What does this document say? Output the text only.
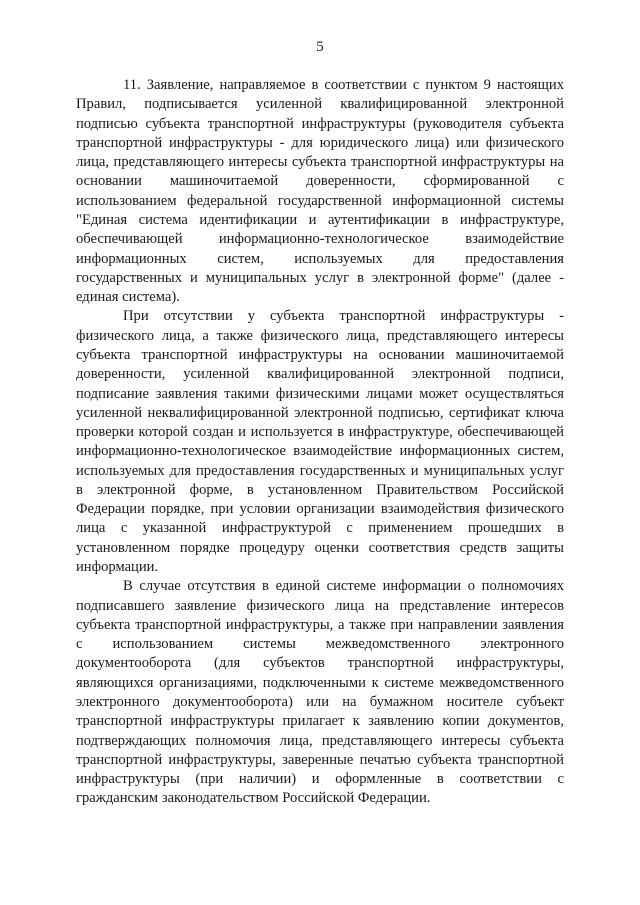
5

11. Заявление, направляемое в соответствии с пунктом 9 настоящих Правил, подписывается усиленной квалифицированной электронной подписью субъекта транспортной инфраструктуры (руководителя субъекта транспортной инфраструктуры - для юридического лица) или физического лица, представляющего интересы субъекта транспортной инфраструктуры на основании машиночитаемой доверенности, сформированной с использованием федеральной государственной информационной системы "Единая система идентификации и аутентификации в инфраструктуре, обеспечивающей информационно-технологическое взаимодействие информационных систем, используемых для предоставления государственных и муниципальных услуг в электронной форме" (далее - единая система).

При отсутствии у субъекта транспортной инфраструктуры - физического лица, а также физического лица, представляющего интересы субъекта транспортной инфраструктуры на основании машиночитаемой доверенности, усиленной квалифицированной электронной подписи, подписание заявления такими физическими лицами может осуществляться усиленной неквалифицированной электронной подписью, сертификат ключа проверки которой создан и используется в инфраструктуре, обеспечивающей информационно-технологическое взаимодействие информационных систем, используемых для предоставления государственных и муниципальных услуг в электронной форме, в установленном Правительством Российской Федерации порядке, при условии организации взаимодействия физического лица с указанной инфраструктурой с применением прошедших в установленном порядке процедуру оценки соответствия средств защиты информации.

В случае отсутствия в единой системе информации о полномочиях подписавшего заявление физического лица на представление интересов субъекта транспортной инфраструктуры, а также при направлении заявления с использованием системы межведомственного электронного документооборота (для субъектов транспортной инфраструктуры, являющихся организациями, подключенными к системе межведомственного электронного документооборота) или на бумажном носителе субъект транспортной инфраструктуры прилагает к заявлению копии документов, подтверждающих полномочия лица, представляющего интересы субъекта транспортной инфраструктуры, заверенные печатью субъекта транспортной инфраструктуры (при наличии) и оформленные в соответствии с гражданским законодательством Российской Федерации.
